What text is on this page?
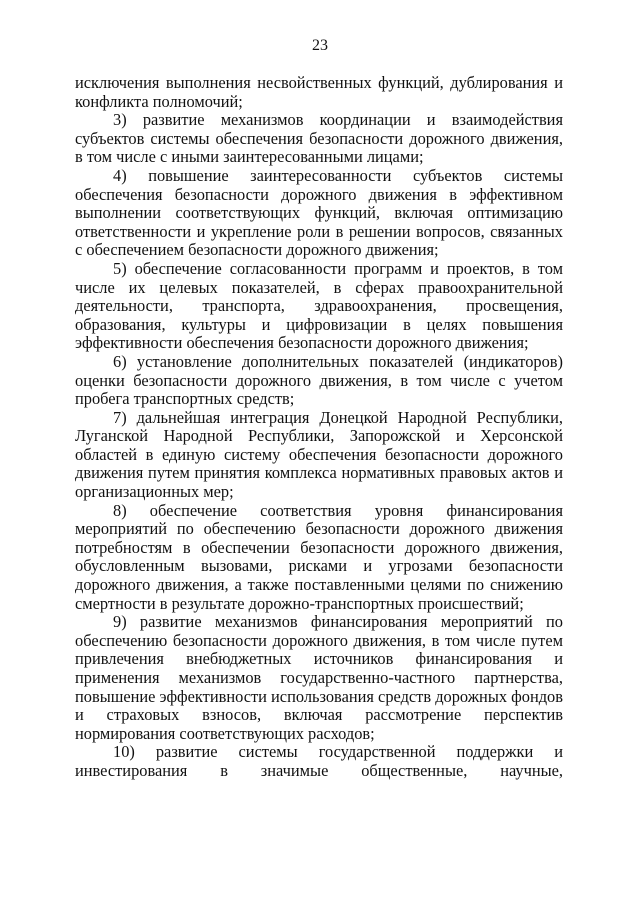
23

исключения выполнения несвойственных функций, дублирования и конфликта полномочий;

3) развитие механизмов координации и взаимодействия субъектов системы обеспечения безопасности дорожного движения, в том числе с иными заинтересованными лицами;

4) повышение заинтересованности субъектов системы обеспечения безопасности дорожного движения в эффективном выполнении соответствующих функций, включая оптимизацию ответственности и укрепление роли в решении вопросов, связанных с обеспечением безопасности дорожного движения;

5) обеспечение согласованности программ и проектов, в том числе их целевых показателей, в сферах правоохранительной деятельности, транспорта, здравоохранения, просвещения, образования, культуры и цифровизации в целях повышения эффективности обеспечения безопасности дорожного движения;

6) установление дополнительных показателей (индикаторов) оценки безопасности дорожного движения, в том числе с учетом пробега транспортных средств;

7) дальнейшая интеграция Донецкой Народной Республики, Луганской Народной Республики, Запорожской и Херсонской областей в единую систему обеспечения безопасности дорожного движения путем принятия комплекса нормативных правовых актов и организационных мер;

8) обеспечение соответствия уровня финансирования мероприятий по обеспечению безопасности дорожного движения потребностям в обеспечении безопасности дорожного движения, обусловленным вызовами, рисками и угрозами безопасности дорожного движения, а также поставленными целями по снижению смертности в результате дорожно-транспортных происшествий;

9) развитие механизмов финансирования мероприятий по обеспечению безопасности дорожного движения, в том числе путем привлечения внебюджетных источников финансирования и применения механизмов государственно-частного партнерства, повышение эффективности использования средств дорожных фондов и страховых взносов, включая рассмотрение перспектив нормирования соответствующих расходов;

10) развитие системы государственной поддержки и инвестирования в значимые общественные, научные,
